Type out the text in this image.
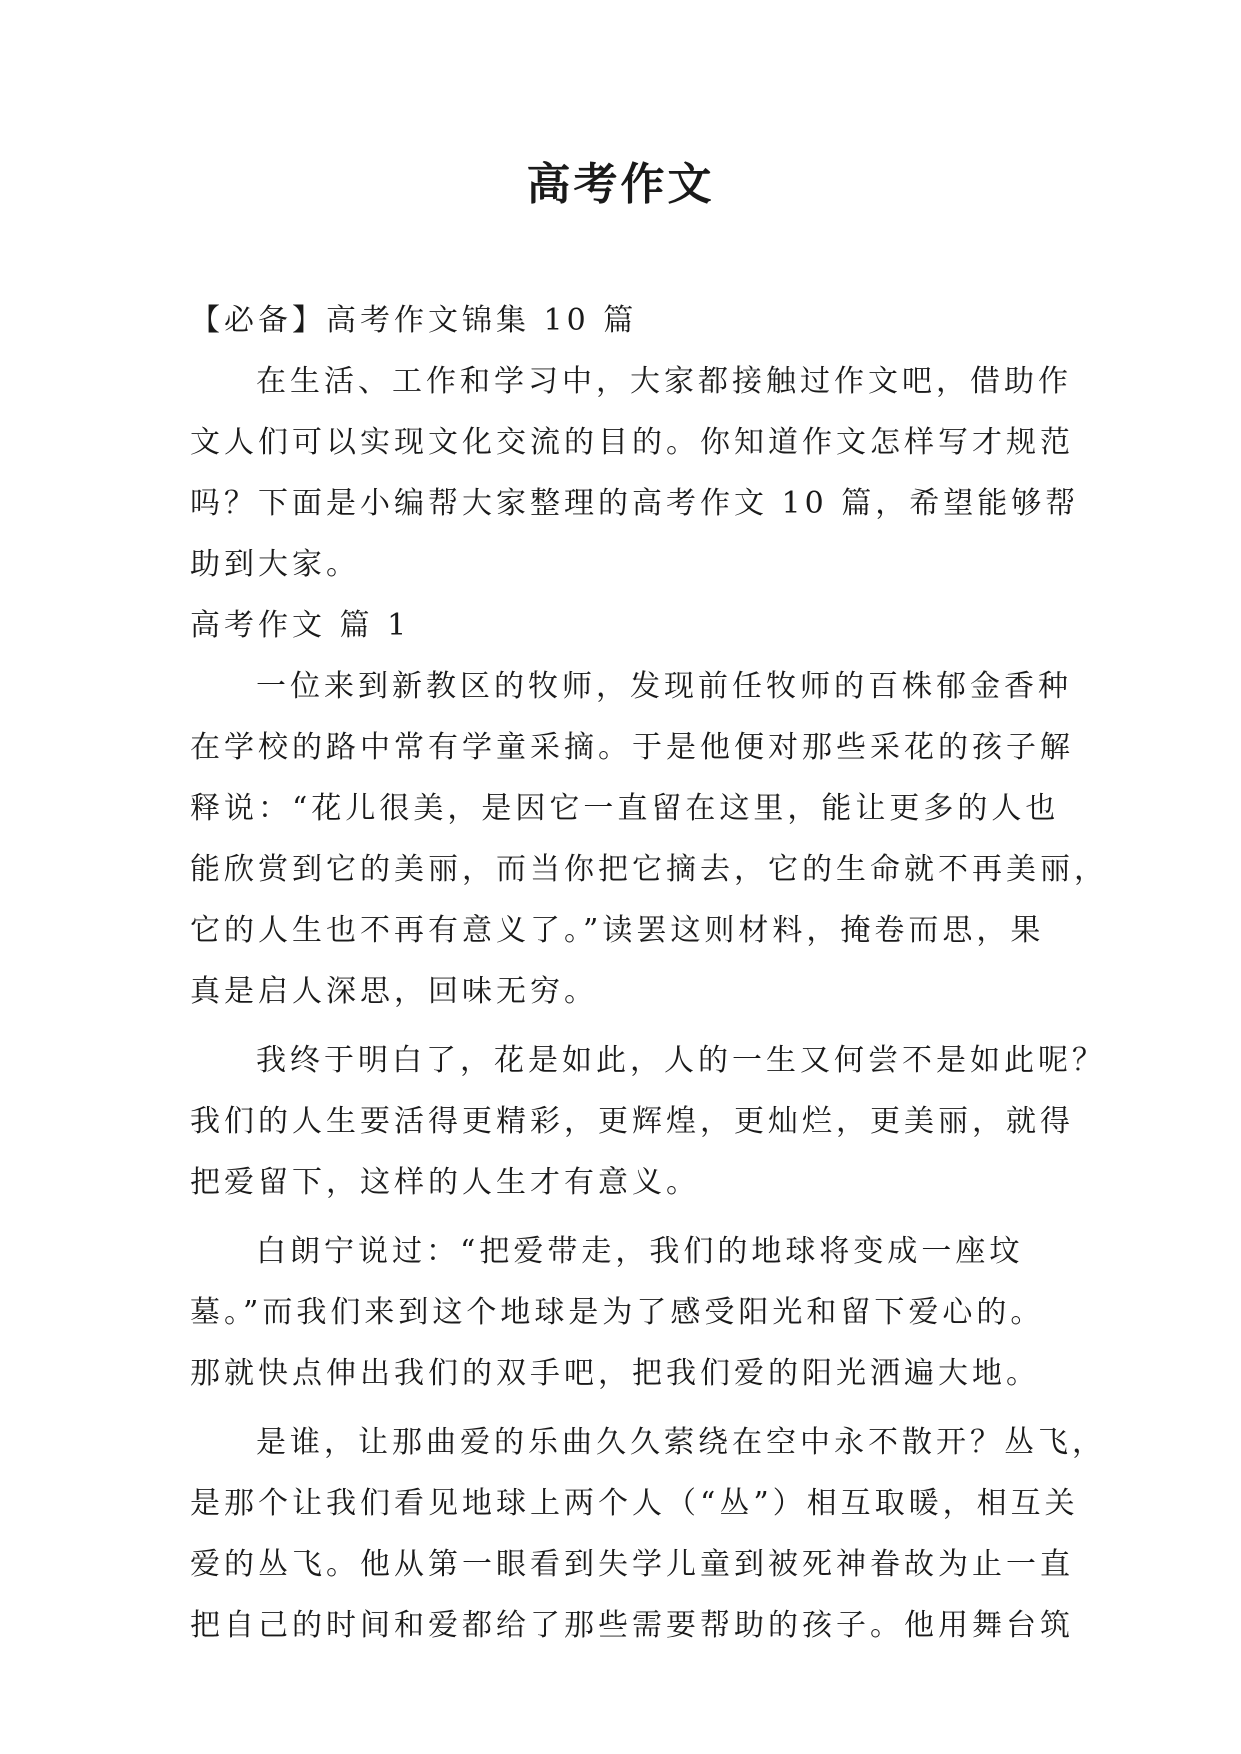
高考作文

【必备】高考作文锦集 10 篇

在生活、工作和学习中，大家都接触过作文吧，借助作

文人们可以实现文化交流的目的。你知道作文怎样写才规范

吗？下面是小编帮大家整理的高考作文 10 篇，希望能够帮

助到大家。

高考作文 篇 1

一位来到新教区的牧师，发现前任牧师的百株郁金香种

在学校的路中常有学童采摘。于是他便对那些采花的孩子解

释说：“花儿很美，是因它一直留在这里，能让更多的人也

能欣赏到它的美丽，而当你把它摘去，它的生命就不再美丽，

它的人生也不再有意义了。”读罢这则材料，掩卷而思，果

真是启人深思，回味无穷。

我终于明白了，花是如此，人的一生又何尝不是如此呢？

我们的人生要活得更精彩，更辉煌，更灿烂，更美丽，就得

把爱留下，这样的人生才有意义。

白朗宁说过：“把爱带走，我们的地球将变成一座坟

墓。”而我们来到这个地球是为了感受阳光和留下爱心的。

那就快点伸出我们的双手吧，把我们爱的阳光洒遍大地。

是谁，让那曲爱的乐曲久久萦绕在空中永不散开？丛飞，

是那个让我们看见地球上两个人（“丛”）相互取暖，相互关

爱的丛飞。他从第一眼看到失学儿童到被死神眷故为止一直

把自己的时间和爱都给了那些需要帮助的孩子。他用舞台筑
